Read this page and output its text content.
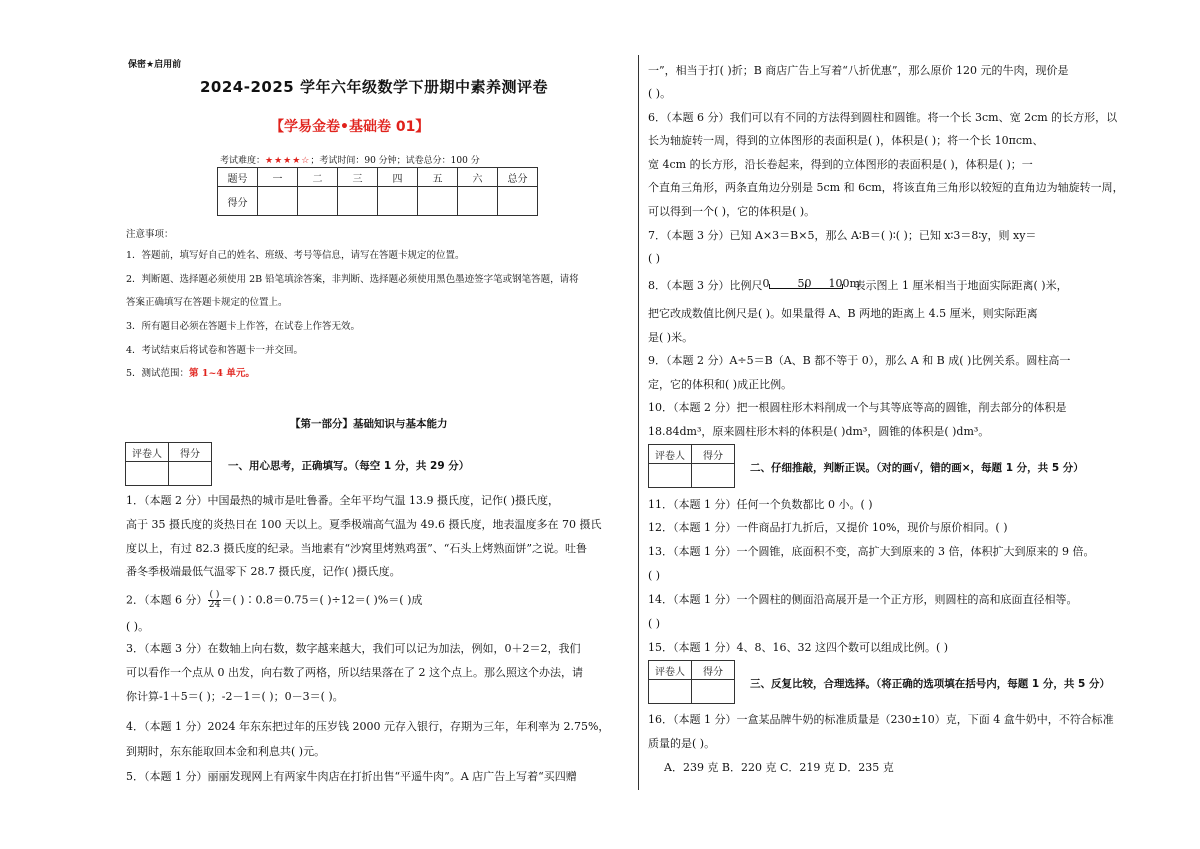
保密★启用前
2024-2025 学年六年级数学下册期中素养测评卷
【学易金卷•基础卷 01】
考试难度：★★★★☆；考试时间：90 分钟；试卷总分：100 分
题号	一	二	三	四	五	六	总分
得分							
注意事项：
1．答题前，填写好自己的姓名、班级、考号等信息，请写在答题卡规定的位置。
2．判断题、选择题必须使用 2B 铅笔填涂答案，非判断、选择题必须使用黑色墨迹签字笔或钢笔答题，请将
答案正确填写在答题卡规定的位置上。
3．所有题目必须在答题卡上作答，在试卷上作答无效。
4．考试结束后将试卷和答题卡一并交回。
5．测试范围：第 1~4 单元。
【第一部分】基础知识与基本能力
评卷人	得分

一、用心思考，正确填写。（每空 1 分，共 29 分）
1．（本题 2 分）中国最热的城市是吐鲁番。全年平均气温 13.9 摄氏度，记作( )摄氏度，
高于 35 摄氏度的炎热日在 100 天以上。夏季极端高气温为 49.6 摄氏度，地表温度多在 70 摄氏
度以上，有过 82.3 摄氏度的纪录。当地素有“沙窝里烤熟鸡蛋”、“石头上烤熟面饼”之说。吐鲁
番冬季极端最低气温零下 28.7 摄氏度，记作( )摄氏度。
2．（本题 6 分） $\frac{( )}{24}=$( )∶0.8＝0.75＝( )÷12＝( )%＝( )成
( )。
3．（本题 3 分）在数轴上向右数，数字越来越大，我们可以记为加法，例如，0＋2＝2，我们
可以看作一个点从 0 出发，向右数了两格，所以结果落在了 2 这个点上。那么照这个办法，请
你计算-1＋5＝( )；-2－1＝( )；0－3＝( )。
4．（本题 1 分）2024 年东东把过年的压岁钱 2000 元存入银行，存期为三年，年利率为 2.75%，
到期时，东东能取回本金和利息共( )元。
5．（本题 1 分）丽丽发现网上有两家牛肉店在打折出售“平遥牛肉”。A 店广告上写着“买四赠
一”，相当于打( )折；B 商店广告上写着“八折优惠”，那么原价 120 元的牛肉，现价是
( )。
6．（本题 6 分）我们可以有不同的方法得到圆柱和圆锥。将一个长 3cm、宽 2cm 的长方形，以
长为轴旋转一周，得到的立体图形的表面积是( )，体积是( )；将一个长 10πcm、
宽 4cm 的长方形，沿长卷起来，得到的立体图形的表面积是( )，体积是( )；一
个直角三角形，两条直角边分别是 5cm 和 6cm，将该直角三角形以较短的直角边为轴旋转一周，
可以得到一个( )，它的体积是( )。
7．（本题 3 分）已知 A×3＝B×5，那么 A∶B＝( )∶( )；已知 x∶3＝8∶y，则 xy＝
( )
8．（本题 3 分）比例尺 0	50 100m
表示图上 1 厘米相当于地面实际距离( )米，
把它改成数值比例尺是( )。如果量得 A、B 两地的距离上 4.5 厘米，则实际距离
是( )米。
9．（本题 2 分）A÷5＝B（A、B 都不等于 0），那么 A 和 B 成( )比例关系。圆柱高一
定，它的体积和( )成正比例。
10．（本题 2 分）把一根圆柱形木料削成一个与其等底等高的圆锥，削去部分的体积是
18.84dm³，原来圆柱形木料的体积是( )dm³，圆锥的体积是( )dm³。
评卷人	得分

二、仔细推敲，判断正误。（对的画√，错的画×，每题 1 分，共 5 分）
11．（本题 1 分）任何一个负数都比 0 小。( )
12．（本题 1 分）一件商品打九折后，又提价 10%，现价与原价相同。( )
13．（本题 1 分）一个圆锥，底面积不变，高扩大到原来的 3 倍，体积扩大到原来的 9 倍。
( )
14．（本题 1 分）一个圆柱的侧面沿高展开是一个正方形，则圆柱的高和底面直径相等。
( )
15．（本题 1 分）4、8、16、32 这四个数可以组成比例。( )
评卷人	得分

三、反复比较，合理选择。（将正确的选项填在括号内，每题 1 分，共 5 分）
16．（本题 1 分）一盒某品牌牛奶的标准质量是（230±10）克，下面 4 盒牛奶中，不符合标准
质量的是( )。
A．239 克 B．220 克 C．219 克 D．235 克
